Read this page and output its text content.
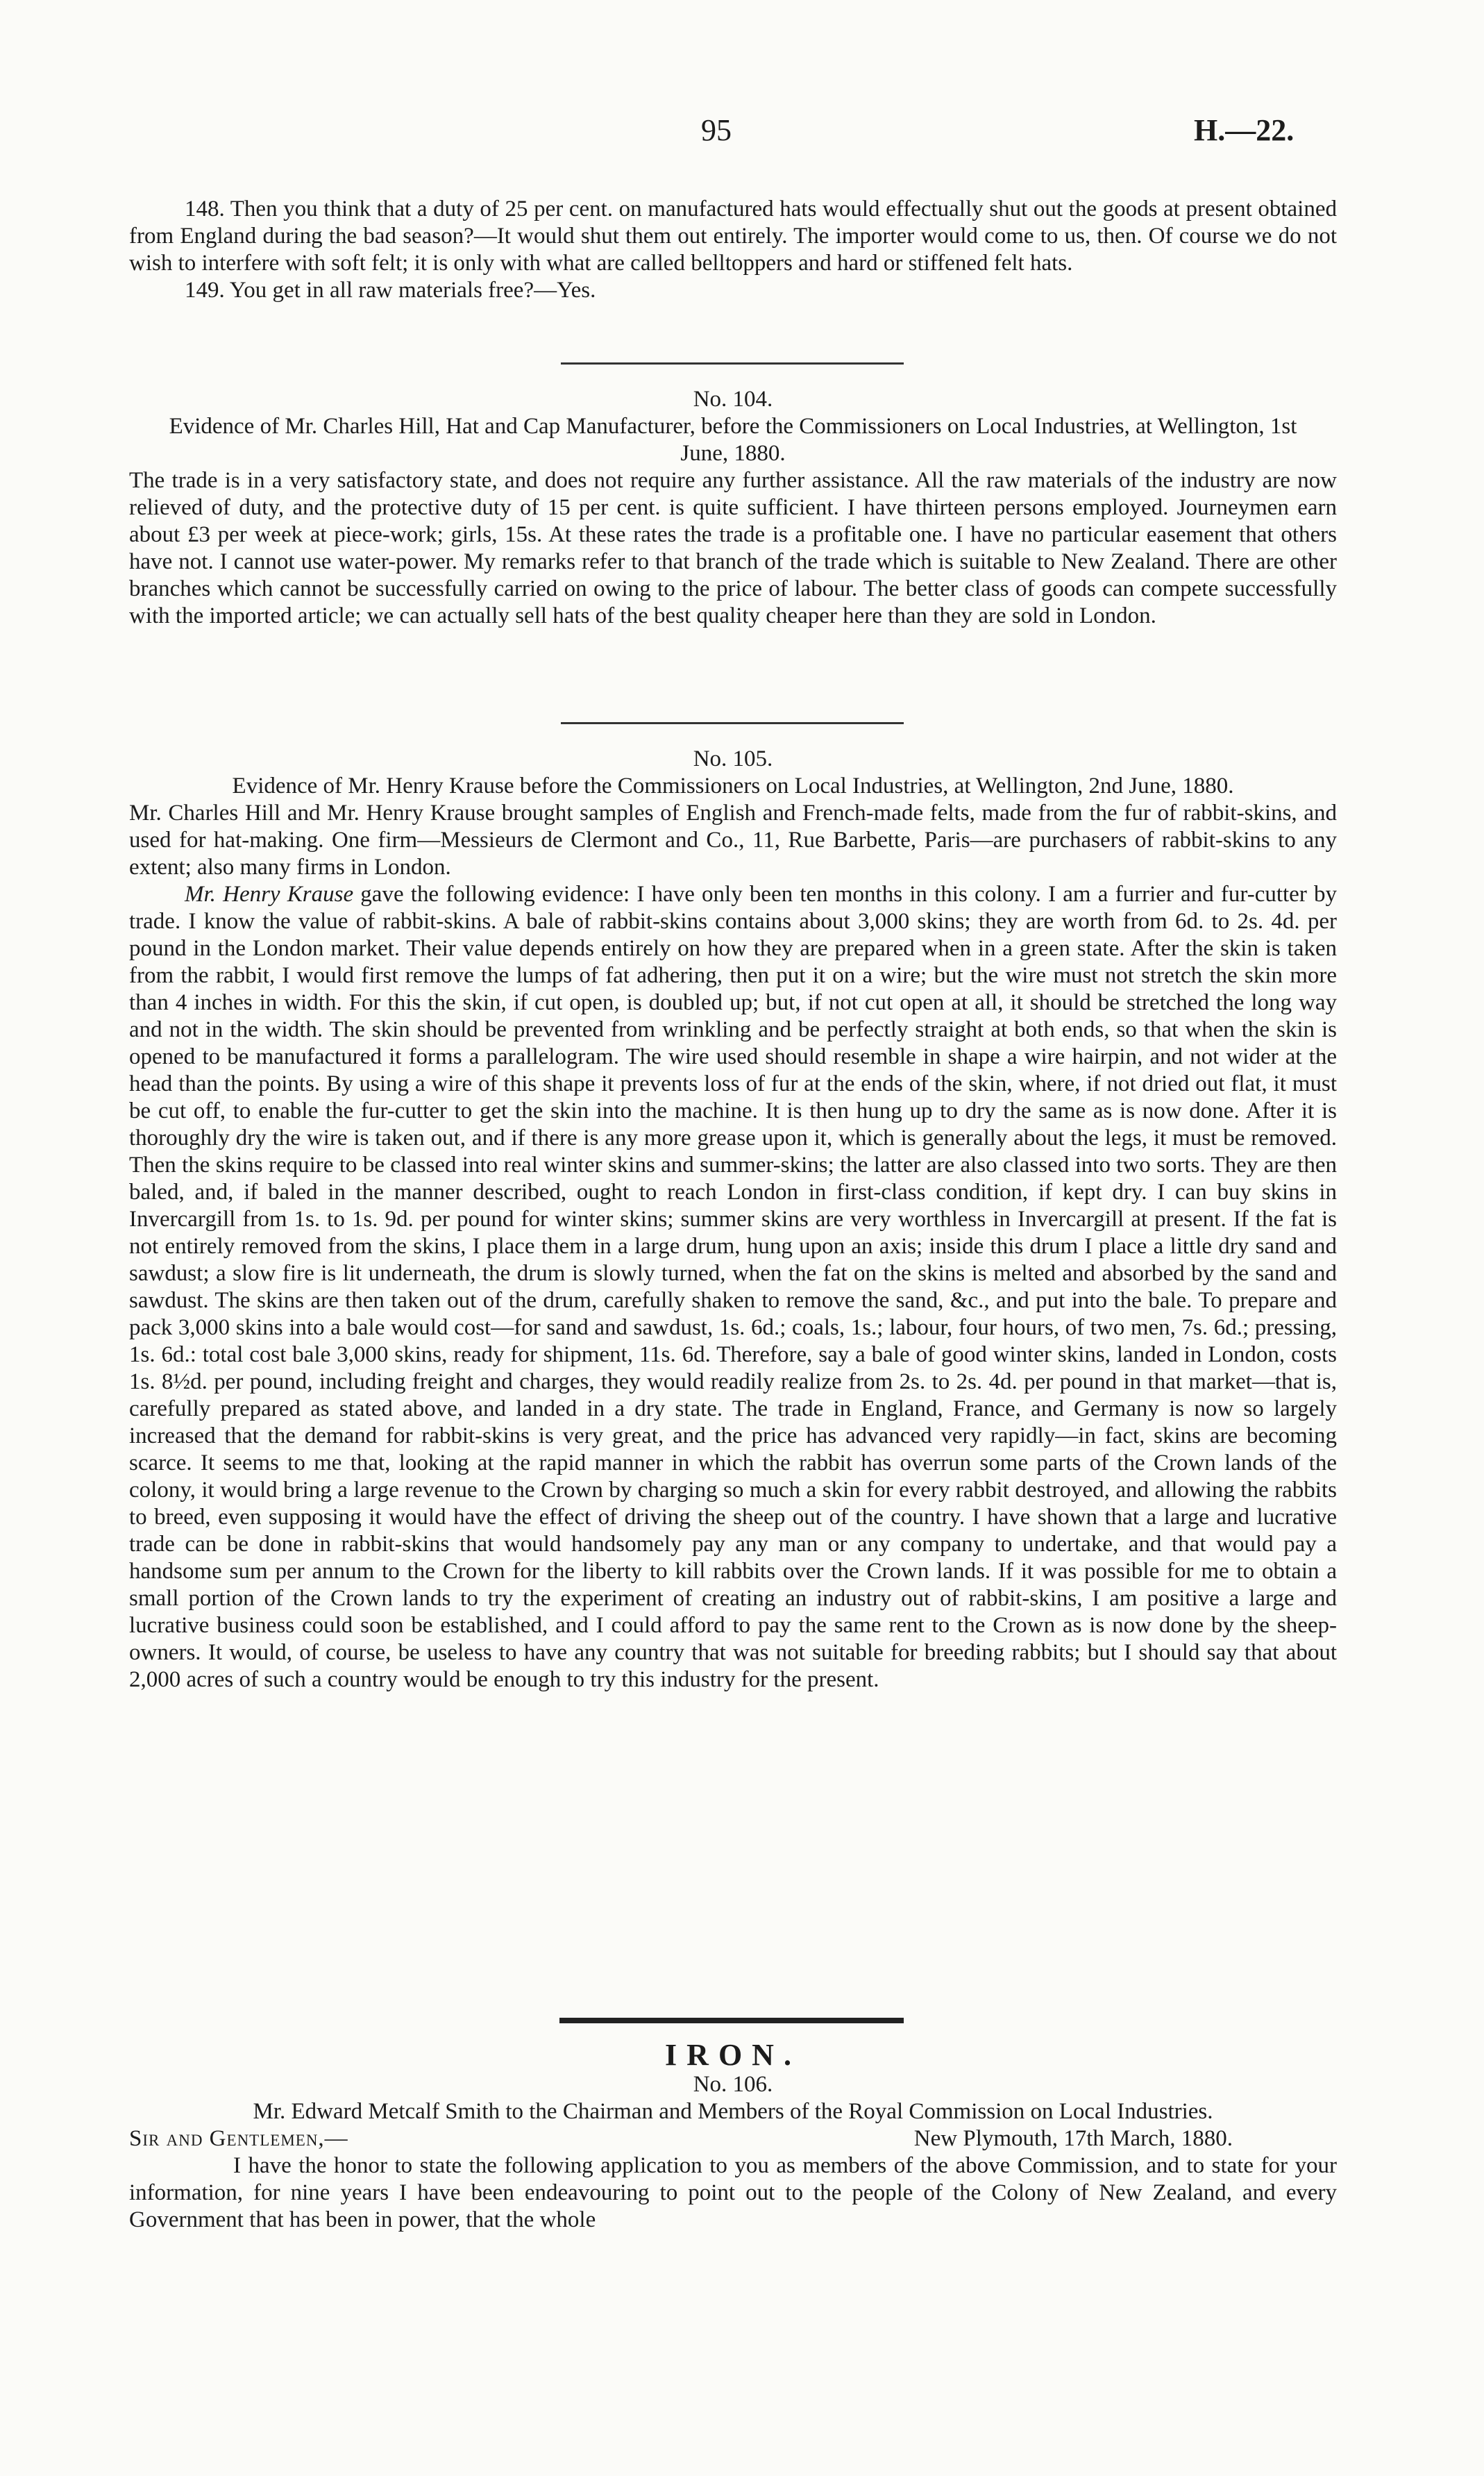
95	H.—22.

148. Then you think that a duty of 25 per cent. on manufactured hats would effectually shut out the goods at present obtained from England during the bad season?—It would shut them out entirely. The importer would come to us, then. Of course we do not wish to interfere with soft felt; it is only with what are called belltoppers and hard or stiffened felt hats.

149. You get in all raw materials free?—Yes.

No. 104.

Evidence of Mr. Charles Hill, Hat and Cap Manufacturer, before the Commissioners on Local Industries, at Wellington, 1st June, 1880.

The trade is in a very satisfactory state, and does not require any further assistance. All the raw materials of the industry are now relieved of duty, and the protective duty of 15 per cent. is quite sufficient. I have thirteen persons employed. Journeymen earn about £3 per week at piece-work; girls, 15s. At these rates the trade is a profitable one. I have no particular easement that others have not. I cannot use water-power. My remarks refer to that branch of the trade which is suitable to New Zealand. There are other branches which cannot be successfully carried on owing to the price of labour. The better class of goods can compete successfully with the imported article; we can actually sell hats of the best quality cheaper here than they are sold in London.

No. 105.

Evidence of Mr. Henry Krause before the Commissioners on Local Industries, at Wellington, 2nd June, 1880.

Mr. Charles Hill and Mr. Henry Krause brought samples of English and French-made felts, made from the fur of rabbit-skins, and used for hat-making. One firm—Messieurs de Clermont and Co., 11, Rue Barbette, Paris—are purchasers of rabbit-skins to any extent; also many firms in London.

Mr. Henry Krause gave the following evidence: I have only been ten months in this colony. I am a furrier and fur-cutter by trade. I know the value of rabbit-skins. A bale of rabbit-skins contains about 3,000 skins; they are worth from 6d. to 2s. 4d. per pound in the London market. Their value depends entirely on how they are prepared when in a green state. After the skin is taken from the rabbit, I would first remove the lumps of fat adhering, then put it on a wire; but the wire must not stretch the skin more than 4 inches in width. For this the skin, if cut open, is doubled up; but, if not cut open at all, it should be stretched the long way and not in the width. The skin should be prevented from wrinkling and be perfectly straight at both ends, so that when the skin is opened to be manufactured it forms a parallelogram. The wire used should resemble in shape a wire hairpin, and not wider at the head than the points. By using a wire of this shape it prevents loss of fur at the ends of the skin, where, if not dried out flat, it must be cut off, to enable the fur-cutter to get the skin into the machine. It is then hung up to dry the same as is now done. After it is thoroughly dry the wire is taken out, and if there is any more grease upon it, which is generally about the legs, it must be removed. Then the skins require to be classed into real winter skins and summer-skins; the latter are also classed into two sorts. They are then baled, and, if baled in the manner described, ought to reach London in first-class condition, if kept dry. I can buy skins in Invercargill from 1s. to 1s. 9d. per pound for winter skins; summer skins are very worthless in Invercargill at present. If the fat is not entirely removed from the skins, I place them in a large drum, hung upon an axis; inside this drum I place a little dry sand and sawdust; a slow fire is lit underneath, the drum is slowly turned, when the fat on the skins is melted and absorbed by the sand and sawdust. The skins are then taken out of the drum, carefully shaken to remove the sand, &c., and put into the bale. To prepare and pack 3,000 skins into a bale would cost—for sand and sawdust, 1s. 6d.; coals, 1s.; labour, four hours, of two men, 7s. 6d.; pressing, 1s. 6d.: total cost bale 3,000 skins, ready for shipment, 11s. 6d. Therefore, say a bale of good winter skins, landed in London, costs 1s. 8½d. per pound, including freight and charges, they would readily realize from 2s. to 2s. 4d. per pound in that market—that is, carefully prepared as stated above, and landed in a dry state. The trade in England, France, and Germany is now so largely increased that the demand for rabbit-skins is very great, and the price has advanced very rapidly—in fact, skins are becoming scarce. It seems to me that, looking at the rapid manner in which the rabbit has overrun some parts of the Crown lands of the colony, it would bring a large revenue to the Crown by charging so much a skin for every rabbit destroyed, and allowing the rabbits to breed, even supposing it would have the effect of driving the sheep out of the country. I have shown that a large and lucrative trade can be done in rabbit-skins that would handsomely pay any man or any company to undertake, and that would pay a handsome sum per annum to the Crown for the liberty to kill rabbits over the Crown lands. If it was possible for me to obtain a small portion of the Crown lands to try the experiment of creating an industry out of rabbit-skins, I am positive a large and lucrative business could soon be established, and I could afford to pay the same rent to the Crown as is now done by the sheep-owners. It would, of course, be useless to have any country that was not suitable for breeding rabbits; but I should say that about 2,000 acres of such a country would be enough to try this industry for the present.

IRON.

No. 106.

Mr. Edward Metcalf Smith to the Chairman and Members of the Royal Commission on Local Industries.

Sir and Gentlemen,—	New Plymouth, 17th March, 1880.

I have the honor to state the following application to you as members of the above Commission, and to state for your information, for nine years I have been endeavouring to point out to the people of the Colony of New Zealand, and every Government that has been in power, that the whole
